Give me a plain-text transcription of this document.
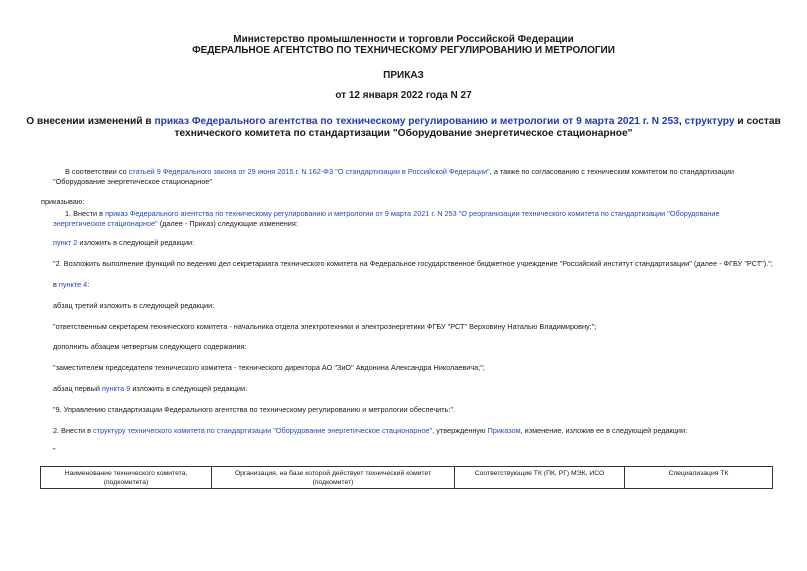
Министерство промышленности и торговли Российской Федерации
ФЕДЕРАЛЬНОЕ АГЕНТСТВО ПО ТЕХНИЧЕСКОМУ РЕГУЛИРОВАНИЮ И МЕТРОЛОГИИ
ПРИКАЗ
от 12 января 2022 года N 27
О внесении изменений в приказ Федерального агентства по техническому регулированию и метрологии от 9 марта 2021 г. N 253, структуру и состав технического комитета по стандартизации "Оборудование энергетическое стационарное"
В соответствии со статьей 9 Федерального закона от 29 июня 2015 г. N 162-ФЗ "О стандартизации в Российской Федерации", а также по согласованию с техническим комитетом по стандартизации "Оборудование энергетическое стационарное"
приказываю:
1. Внести в приказ Федерального агентства по техническому регулированию и метрологии от 9 марта 2021 г. N 253 "О реорганизации технического комитета по стандартизации "Оборудование энергетическое стационарное" (далее - Приказ) следующие изменения:
пункт 2 изложить в следующей редакции:
"2. Возложить выполнение функций по ведению дел секретариата технического комитета на Федеральное государственное бюджетное учреждение "Российский институт стандартизации" (далее - ФГБУ "РСТ").";
в пункте 4:
абзац третий изложить в следующей редакции:
"ответственным секретарем технического комитета - начальника отдела электротехники и электроэнергетики ФГБУ "РСТ" Верховину Наталью Владимировну;";
дополнить абзацем четвертым следующего содержания:
"заместителем председателя технического комитета - технического директора АО "ЗиО" Авдонина Александра Николаевича;";
абзац первый пункта 9 изложить в следующей редакции:
"9. Управлению стандартизации Федерального агентства по техническому регулированию и метрологии обеспечить:".
2. Внести в структуру технического комитета по стандартизации "Оборудование энергетическое стационарное", утвержденную Приказом, изменение, изложив ее в следующей редакции:
"
Наименование технического комитета, (подкомитета)	Организация, на базе которой действует технический комитет (подкомитет)	Соответствующие ТК (ПК, РГ) МЭК, ИСО	Специализация ТК
